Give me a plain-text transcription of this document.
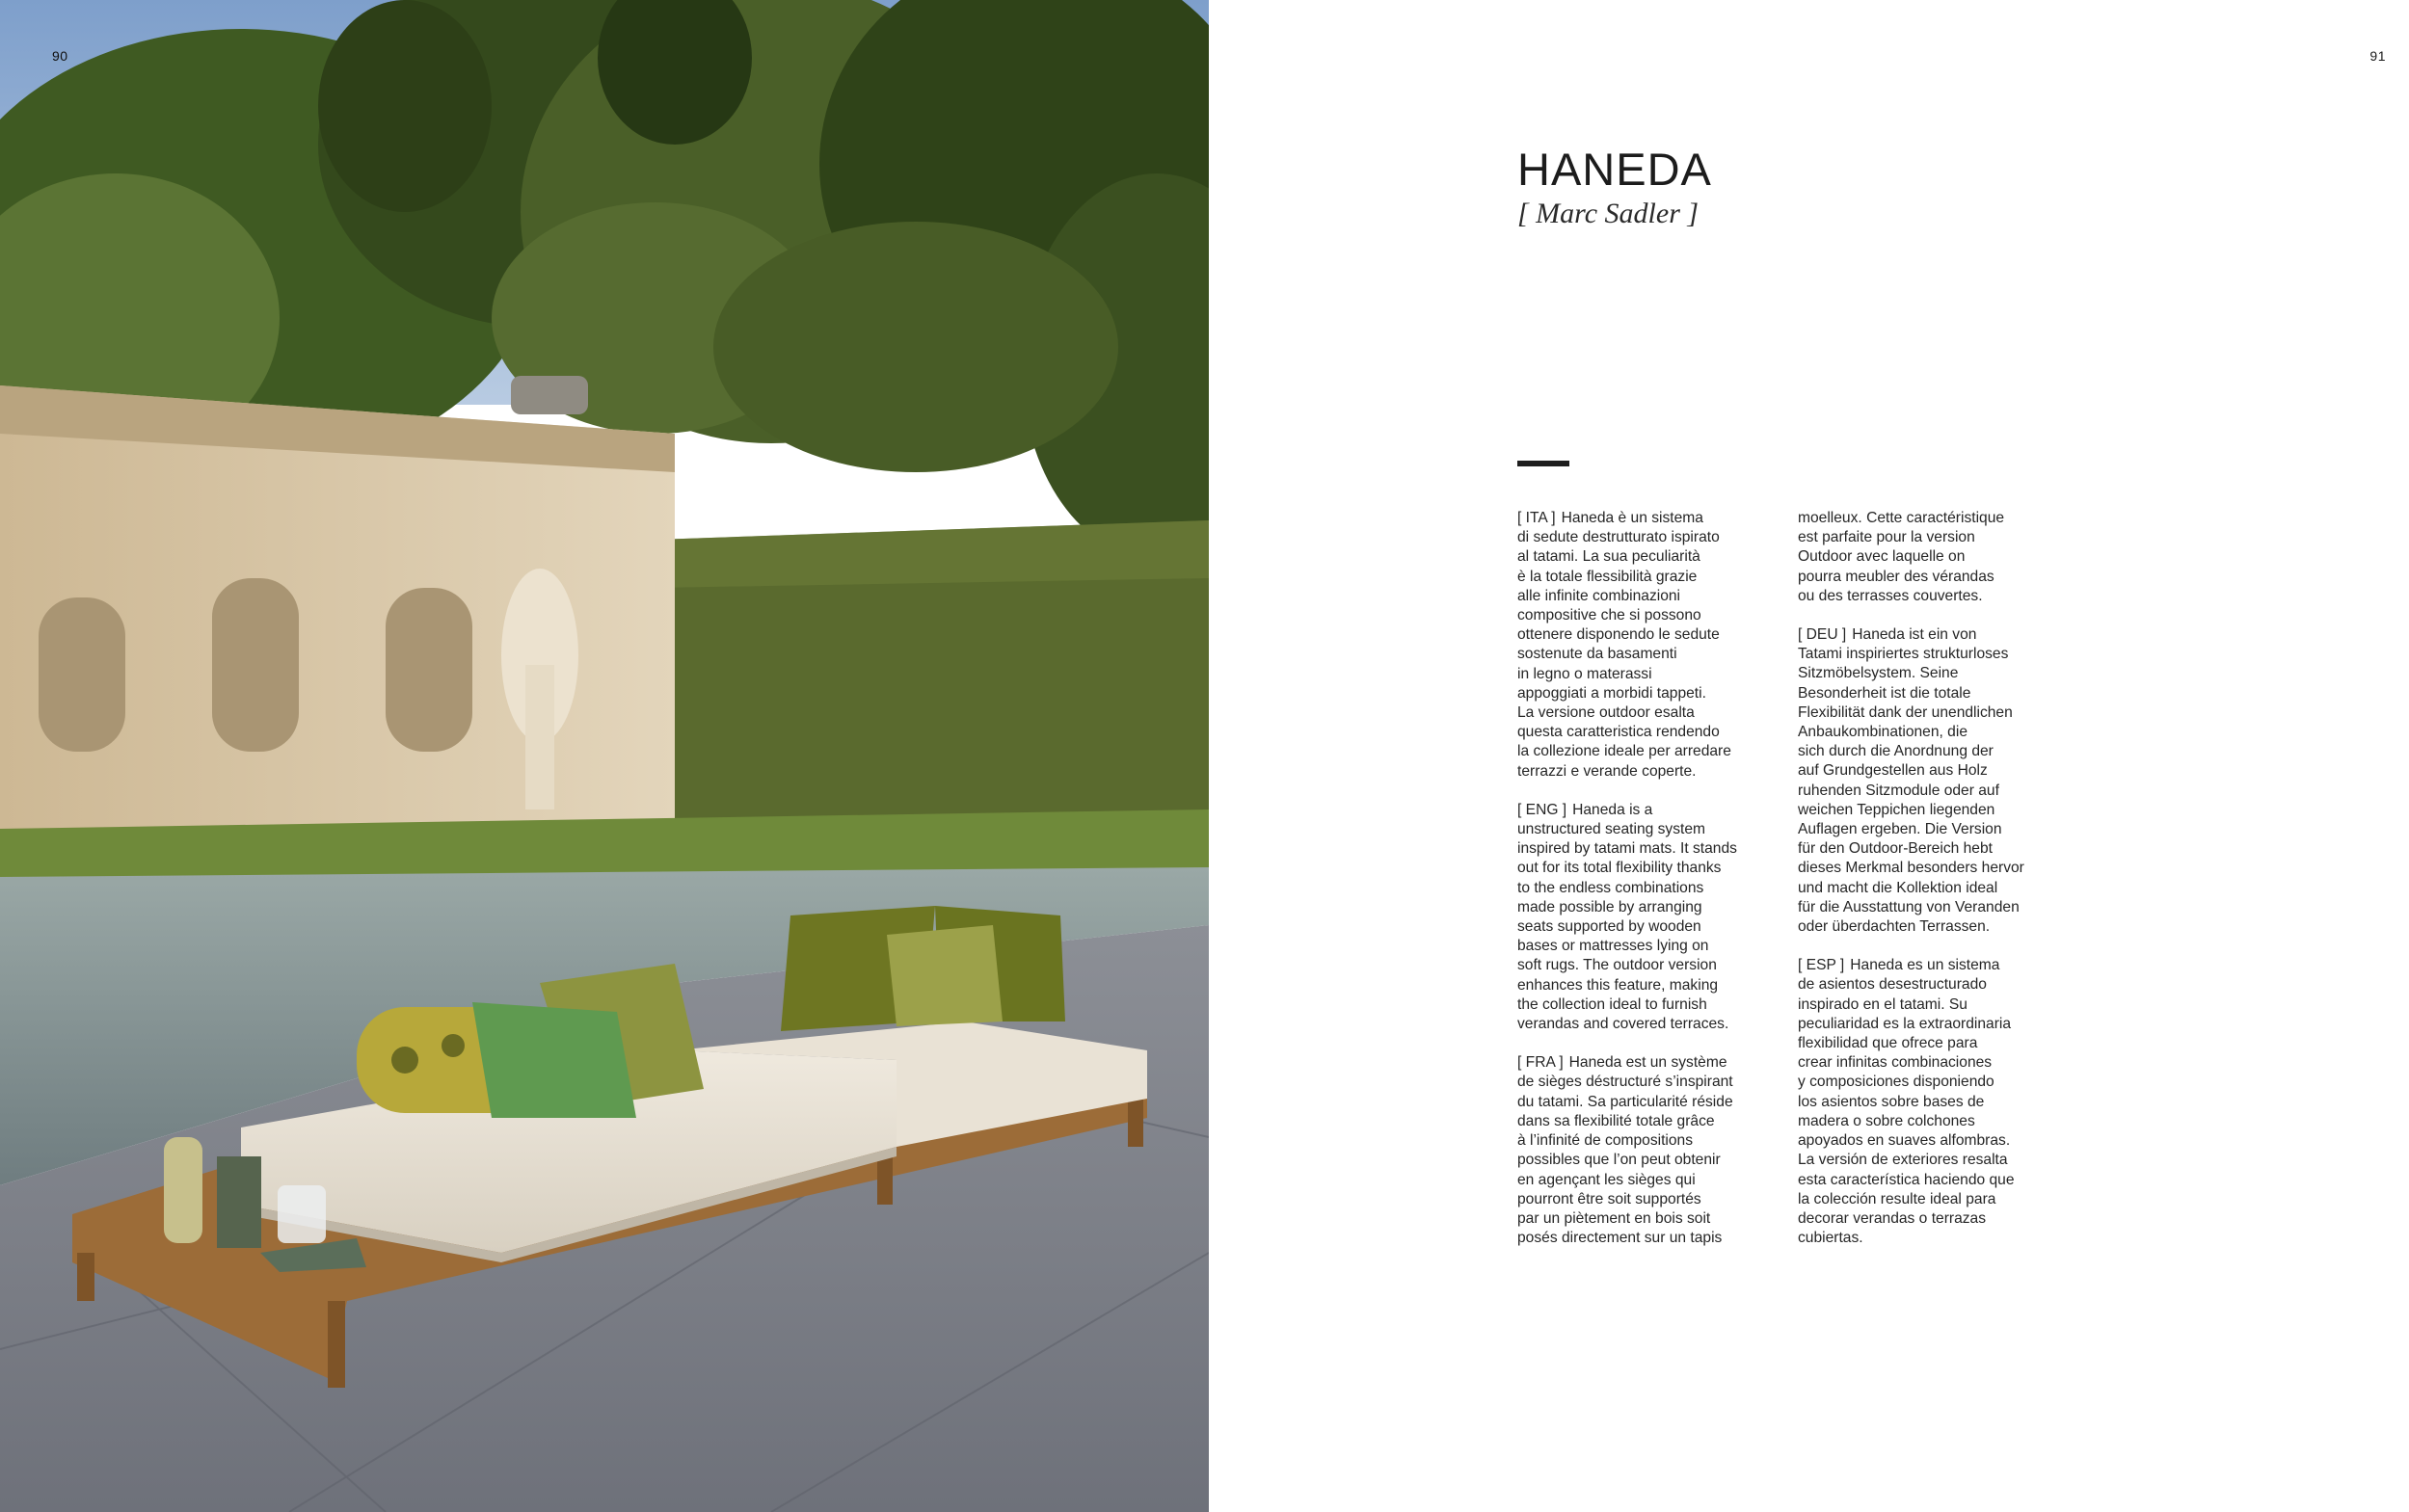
90	91
HANEDA

[ Marc Sadler ]

[ ITA ] Haneda è un sistema
di sedute destrutturato ispirato
al tatami. La sua peculiarità
è la totale flessibilità grazie
alle infinite combinazioni
compositive che si possono
ottenere disponendo le sedute
sostenute da basamenti
in legno o materassi
appoggiati a morbidi tappeti.
La versione outdoor esalta
questa caratteristica rendendo
la collezione ideale per arredare
terrazzi e verande coperte.

[ ENG ] Haneda is a
unstructured seating system
inspired by tatami mats. It stands
out for its total flexibility thanks
to the endless combinations
made possible by arranging
seats supported by wooden
bases or mattresses lying on
soft rugs. The outdoor version
enhances this feature, making
the collection ideal to furnish
verandas and covered terraces.

[ FRA ] Haneda est un système
de sièges déstructuré s’inspirant
du tatami. Sa particularité réside
dans sa flexibilité totale grâce
à l’infinité de compositions
possibles que l’on peut obtenir
en agençant les sièges qui
pourront être soit supportés
par un piètement en bois soit
posés directement sur un tapis

moelleux. Cette caractéristique
est parfaite pour la version
Outdoor avec laquelle on
pourra meubler des vérandas
ou des terrasses couvertes.

[ DEU ] Haneda ist ein von
Tatami inspiriertes strukturloses
Sitzmöbelsystem. Seine
Besonderheit ist die totale
Flexibilität dank der unendlichen
Anbaukombinationen, die
sich durch die Anordnung der
auf Grundgestellen aus Holz
ruhenden Sitzmodule oder auf
weichen Teppichen liegenden
Auflagen ergeben. Die Version
für den Outdoor-Bereich hebt
dieses Merkmal besonders hervor
und macht die Kollektion ideal
für die Ausstattung von Veranden
oder überdachten Terrassen.

[ ESP ] Haneda es un sistema
de asientos desestructurado
inspirado en el tatami. Su
peculiaridad es la extraordinaria
flexibilidad que ofrece para
crear infinitas combinaciones
y composiciones disponiendo
los asientos sobre bases de
madera o sobre colchones
apoyados en suaves alfombras.
La versión de exteriores resalta
esta característica haciendo que
la colección resulte ideal para
decorar verandas o terrazas
cubiertas.
